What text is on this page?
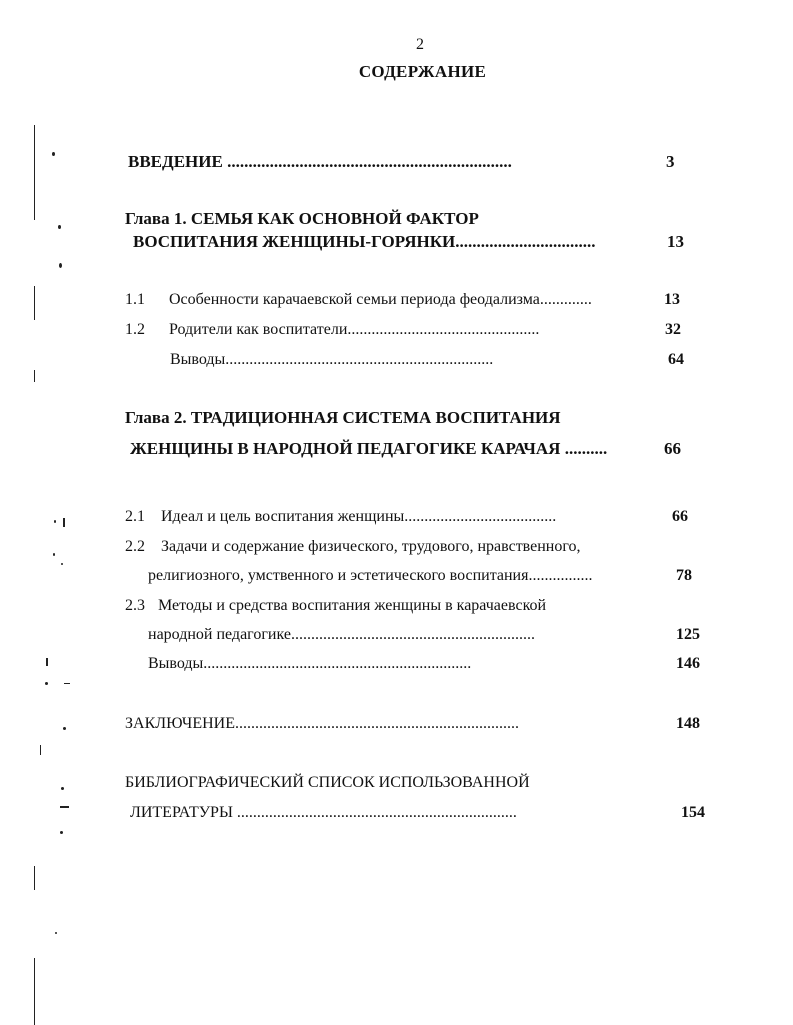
2
СОДЕРЖАНИЕ
ВВЕДЕНИЕ ...................................................................	3
Глава 1. СЕМЬЯ КАК ОСНОВНОЙ ФАКТОР
ВОСПИТАНИЯ ЖЕНЩИНЫ-ГОРЯНКИ.................................	13
1.1 Особенности карачаевской семьи периода феодализма.............	13
1.2 Родители как воспитатели................................................	32
Выводы...................................................................	64
Глава 2. ТРАДИЦИОННАЯ СИСТЕМА ВОСПИТАНИЯ
ЖЕНЩИНЫ В НАРОДНОЙ ПЕДАГОГИКЕ КАРАЧАЯ ..........	66
2.1 Идеал и цель воспитания женщины......................................	66
2.2 Задачи и содержание физического, трудового, нравственного,
религиозного, умственного и эстетического воспитания................	78
2.3 Методы и средства воспитания женщины в карачаевской
народной педагогике.............................................................	125
Выводы...................................................................	146
ЗАКЛЮЧЕНИЕ.......................................................................	148
БИБЛИОГРАФИЧЕСКИЙ СПИСОК ИСПОЛЬЗОВАННОЙ
ЛИТЕРАТУРЫ ......................................................................	154
